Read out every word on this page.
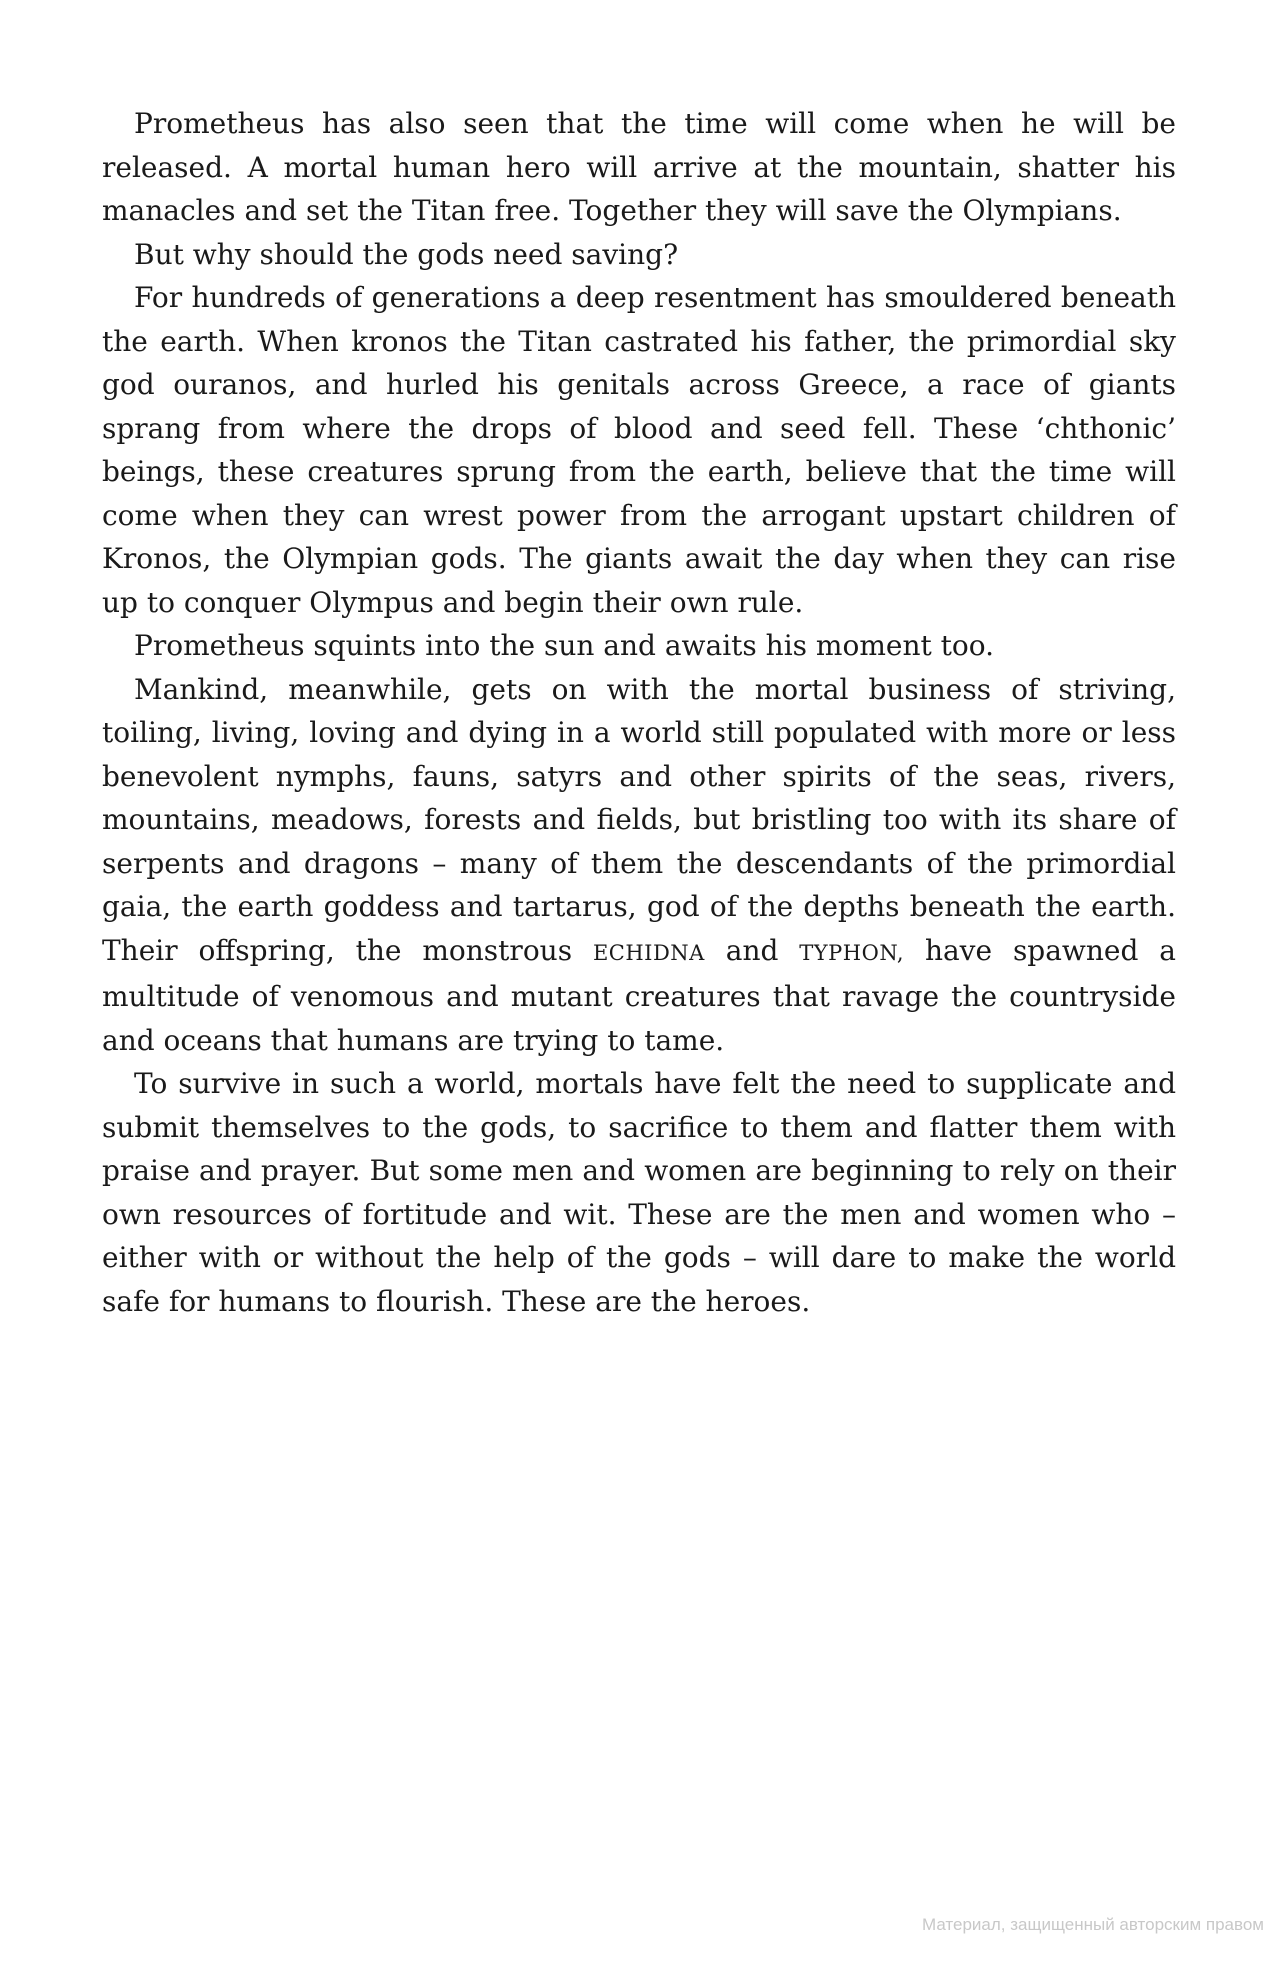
Prometheus has also seen that the time will come when he will be released. A mortal human hero will arrive at the mountain, shatter his manacles and set the Titan free. Together they will save the Olympians.

But why should the gods need saving?

For hundreds of generations a deep resentment has smouldered beneath the earth. When kronos the Titan castrated his father, the primordial sky god ouranos, and hurled his genitals across Greece, a race of giants sprang from where the drops of blood and seed fell. These ‘chthonic’ beings, these creatures sprung from the earth, believe that the time will come when they can wrest power from the arrogant upstart children of Kronos, the Olympian gods. The giants await the day when they can rise up to conquer Olympus and begin their own rule.

Prometheus squints into the sun and awaits his moment too.

Mankind, meanwhile, gets on with the mortal business of striving, toiling, living, loving and dying in a world still populated with more or less benevolent nymphs, fauns, satyrs and other spirits of the seas, rivers, mountains, meadows, forests and fields, but bristling too with its share of serpents and dragons – many of them the descendants of the primordial gaia, the earth goddess and tartarus, god of the depths beneath the earth. Their offspring, the monstrous ECHIDNA and TYPHON, have spawned a multitude of venomous and mutant creatures that ravage the countryside and oceans that humans are trying to tame.

To survive in such a world, mortals have felt the need to supplicate and submit themselves to the gods, to sacrifice to them and flatter them with praise and prayer. But some men and women are beginning to rely on their own resources of fortitude and wit. These are the men and women who – either with or without the help of the gods – will dare to make the world safe for humans to flourish. These are the heroes.

Материал, защищенный авторским правом
